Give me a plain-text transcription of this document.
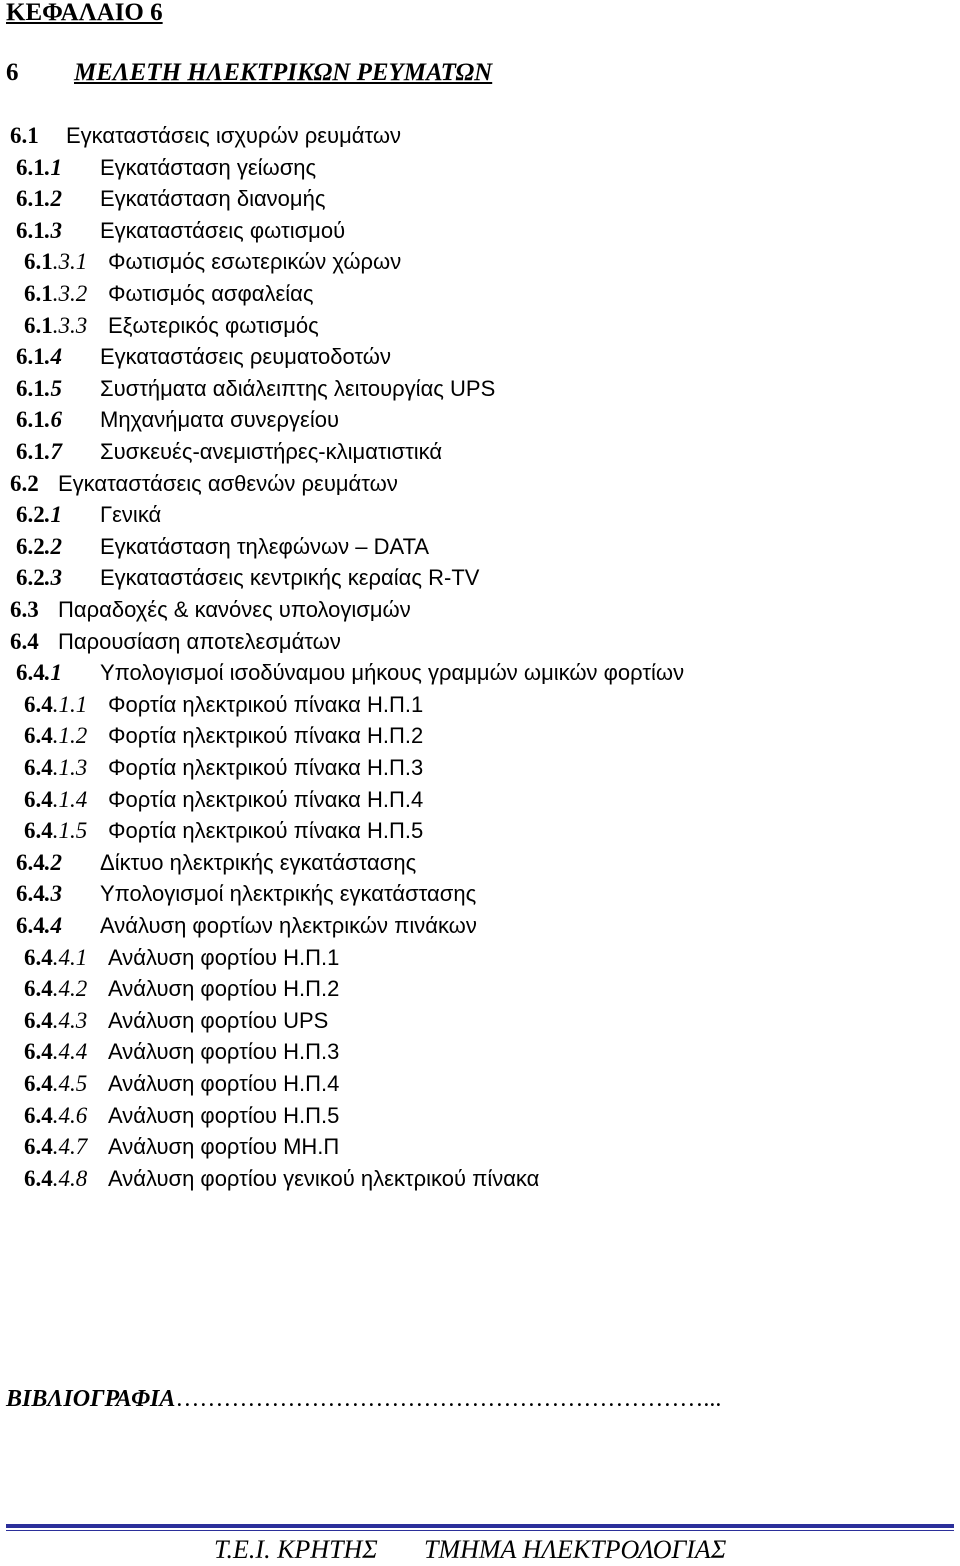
ΚΕΦΑΛΑΙΟ 6
6 ΜΕΛΕΤΗ ΗΛΕΚΤΡΙΚΩΝ ΡΕΥΜΑΤΩΝ
6.1 Εγκαταστάσεις ισχυρών ρευμάτων
6.1.1 Εγκατάσταση γείωσης
6.1.2 Εγκατάσταση διανομής
6.1.3 Εγκαταστάσεις φωτισμού
6.1.3.1 Φωτισμός εσωτερικών χώρων
6.1.3.2 Φωτισμός ασφαλείας
6.1.3.3 Εξωτερικός φωτισμός
6.1.4 Εγκαταστάσεις ρευματοδοτών
6.1.5 Συστήματα αδιάλειπτης λειτουργίας UPS
6.1.6 Μηχανήματα συνεργείου
6.1.7 Συσκευές-ανεμιστήρες-κλιματιστικά
6.2 Εγκαταστάσεις ασθενών ρευμάτων
6.2.1 Γενικά
6.2.2 Εγκατάσταση τηλεφώνων – DATA
6.2.3 Εγκαταστάσεις κεντρικής κεραίας R-TV
6.3 Παραδοχές & κανόνες υπολογισμών
6.4 Παρουσίαση αποτελεσμάτων
6.4.1 Υπολογισμοί ισοδύναμου μήκους γραμμών ωμικών φορτίων
6.4.1.1 Φορτία ηλεκτρικού πίνακα Η.Π.1
6.4.1.2 Φορτία ηλεκτρικού πίνακα Η.Π.2
6.4.1.3 Φορτία ηλεκτρικού πίνακα Η.Π.3
6.4.1.4 Φορτία ηλεκτρικού πίνακα Η.Π.4
6.4.1.5 Φορτία ηλεκτρικού πίνακα Η.Π.5
6.4.2 Δίκτυο ηλεκτρικής εγκατάστασης
6.4.3 Υπολογισμοί ηλεκτρικής εγκατάστασης
6.4.4 Ανάλυση φορτίων ηλεκτρικών πινάκων
6.4.4.1 Ανάλυση φορτίου Η.Π.1
6.4.4.2 Ανάλυση φορτίου Η.Π.2
6.4.4.3 Ανάλυση φορτίου UPS
6.4.4.4 Ανάλυση φορτίου Η.Π.3
6.4.4.5 Ανάλυση φορτίου Η.Π.4
6.4.4.6 Ανάλυση φορτίου Η.Π.5
6.4.4.7 Ανάλυση φορτίου ΜΗ.Π
6.4.4.8 Ανάλυση φορτίου γενικού ηλεκτρικού πίνακα
ΒΙΒΛΙΟΓΡΑΦΙΑ…………………………………………………………...
Τ.Ε.Ι. ΚΡΗΤΗΣ ΤΜΗΜΑ ΗΛΕΚΤΡΟΛΟΓΙΑΣ
